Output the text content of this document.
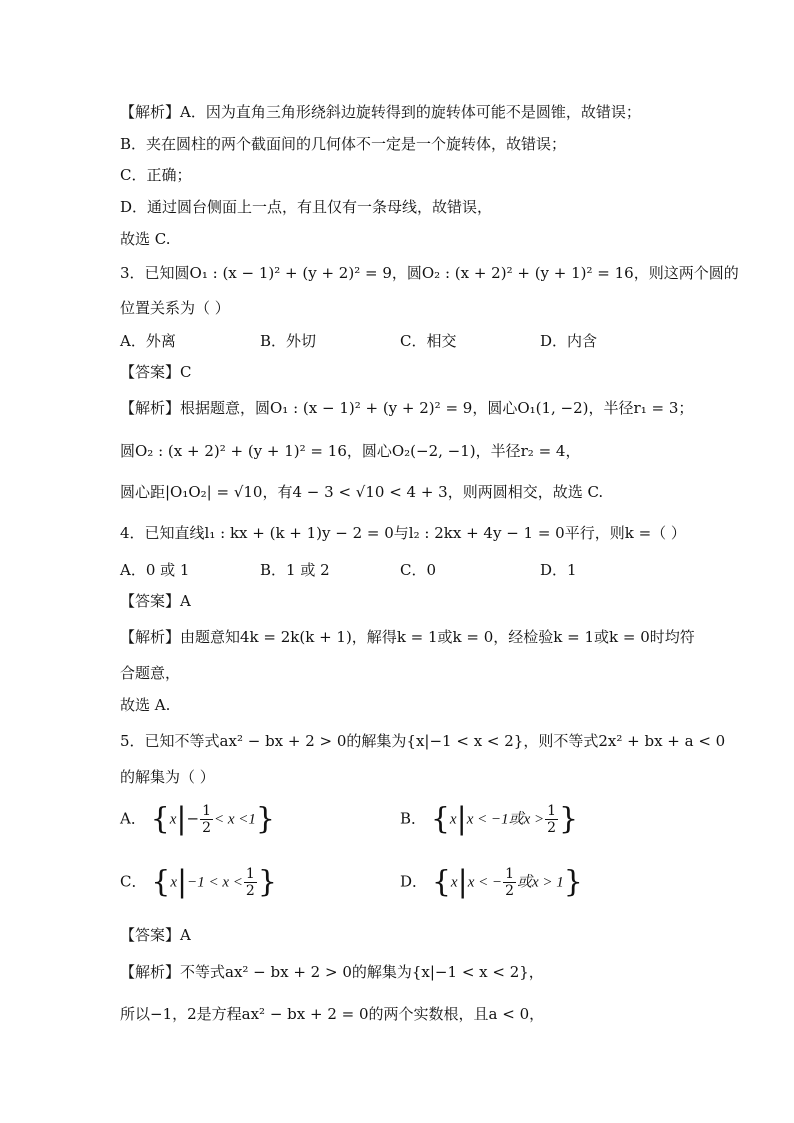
【解析】A．因为直角三角形绕斜边旋转得到的旋转体可能不是圆锥，故错误；
B．夹在圆柱的两个截面间的几何体不一定是一个旋转体，故错误；
C．正确；
D．通过圆台侧面上一点，有且仅有一条母线，故错误，
故选 C.
3．已知圆O₁ : (x − 1)² + (y + 2)² = 9，圆O₂ : (x + 2)² + (y + 1)² = 16，则这两个圆的
位置关系为（ ）
A．外离	B．外切	C．相交	D．内含
【答案】C
【解析】根据题意，圆O₁ : (x − 1)² + (y + 2)² = 9，圆心O₁(1, −2)，半径r₁ = 3；
圆O₂ : (x + 2)² + (y + 1)² = 16，圆心O₂(−2, −1)，半径r₂ = 4，
圆心距|O₁O₂| = √10，有4 − 3 < √10 < 4 + 3，则两圆相交，故选 C.
4．已知直线l₁ : kx + (k + 1)y − 2 = 0与l₂ : 2kx + 4y − 1 = 0平行，则k =（ ）
A．0 或 1	B．1 或 2	C．0	D．1
【答案】A
【解析】由题意知4k = 2k(k + 1)，解得k = 1或k = 0，经检验k = 1或k = 0时均符
合题意，
故选 A.
5．已知不等式ax² − bx + 2 > 0的解集为{x|−1 < x < 2}，则不等式2x² + bx + a < 0
的解集为（ ）
A． $\{x|- \frac{1}{2} < x <1\}$	B． {x|x < −1或$x > \frac{1}{2}$ }
C． {$x|-1 < x < \frac{1}{2}$ }	D． {x|x < − $\frac{1}{2}$ 或x > 1}
【答案】A
【解析】不等式ax² − bx + 2 > 0的解集为{x|−1 < x < 2}，
所以−1，2是方程ax² − bx + 2 = 0的两个实数根，且a < 0，
